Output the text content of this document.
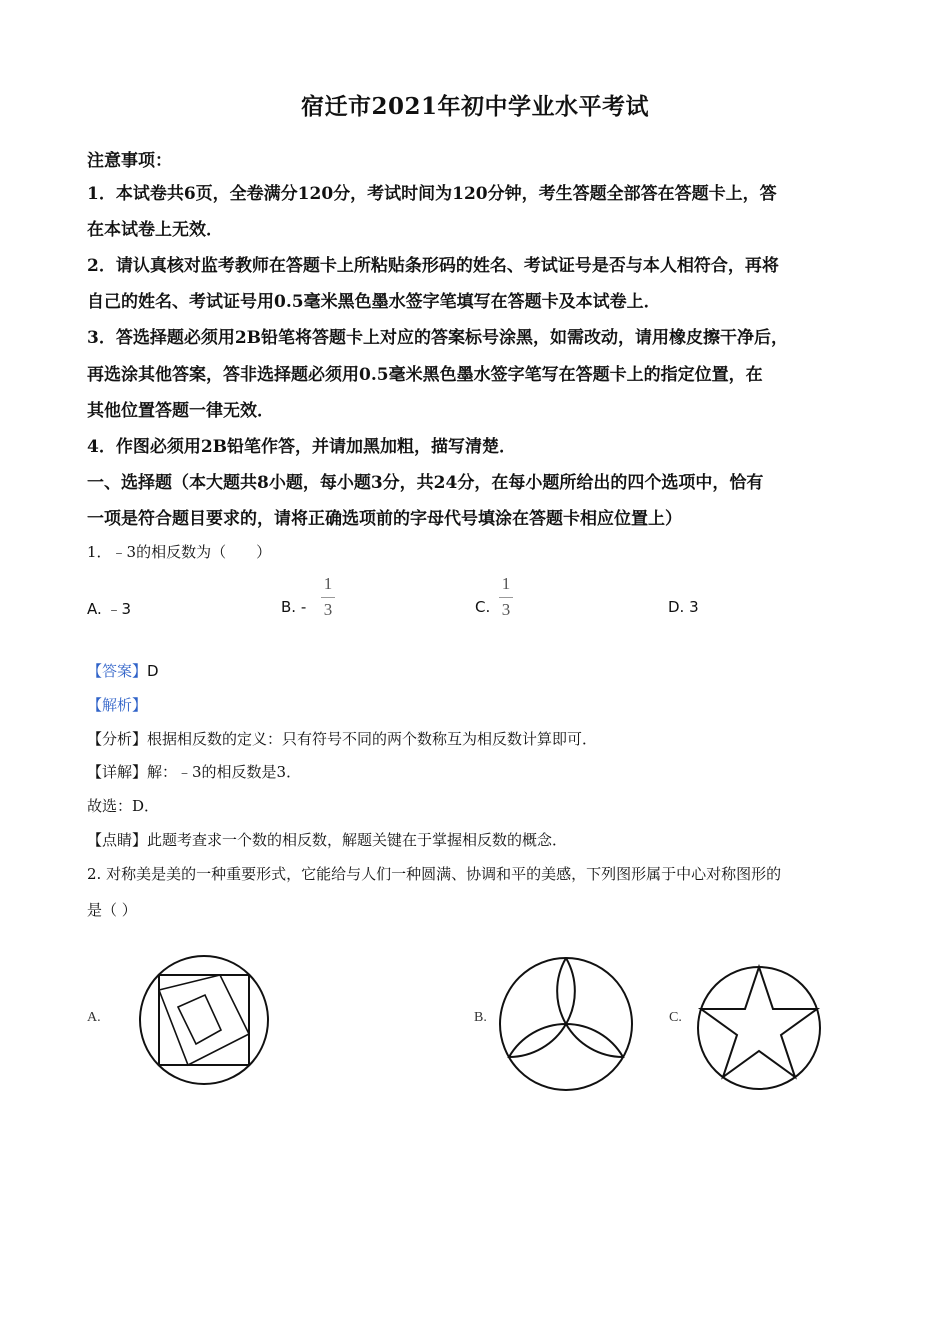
宿迁市2021年初中学业水平考试
注意事项：
1．本试卷共6页，全卷满分120分，考试时间为120分钟，考生答题全部答在答题卡上，答
在本试卷上无效．
2．请认真核对监考教师在答题卡上所粘贴条形码的姓名、考试证号是否与本人相符合，再将
自己的姓名、考试证号用0.5毫米黑色墨水签字笔填写在答题卡及本试卷上．
3．答选择题必须用2B铅笔将答题卡上对应的答案标号涂黑，如需改动，请用橡皮擦干净后，
再选涂其他答案，答非选择题必须用0.5毫米黑色墨水签字笔写在答题卡上的指定位置，在
其他位置答题一律无效．
4．作图必须用2B铅笔作答，并请加黑加粗，描写清楚．
一、选择题（本大题共8小题，每小题3分，共24分，在每小题所给出的四个选项中，恰有
一项是符合题目要求的，请将正确选项前的字母代号填涂在答题卡相应位置上）
1．﹣3的相反数为（　　）
A. ﹣3	B. -
1
3	C.
1
3	D. 3
【答案】D
【解析】
【分析】根据相反数的定义：只有符号不同的两个数称互为相反数计算即可．
【详解】解：﹣3的相反数是3．
故选：D．
【点睛】此题考查求一个数的相反数，解题关键在于掌握相反数的概念．
2. 对称美是美的一种重要形式，它能给与人们一种圆满、协调和平的美感，下列图形属于中心对称图形的
是（ ）
A.	B.	C.
